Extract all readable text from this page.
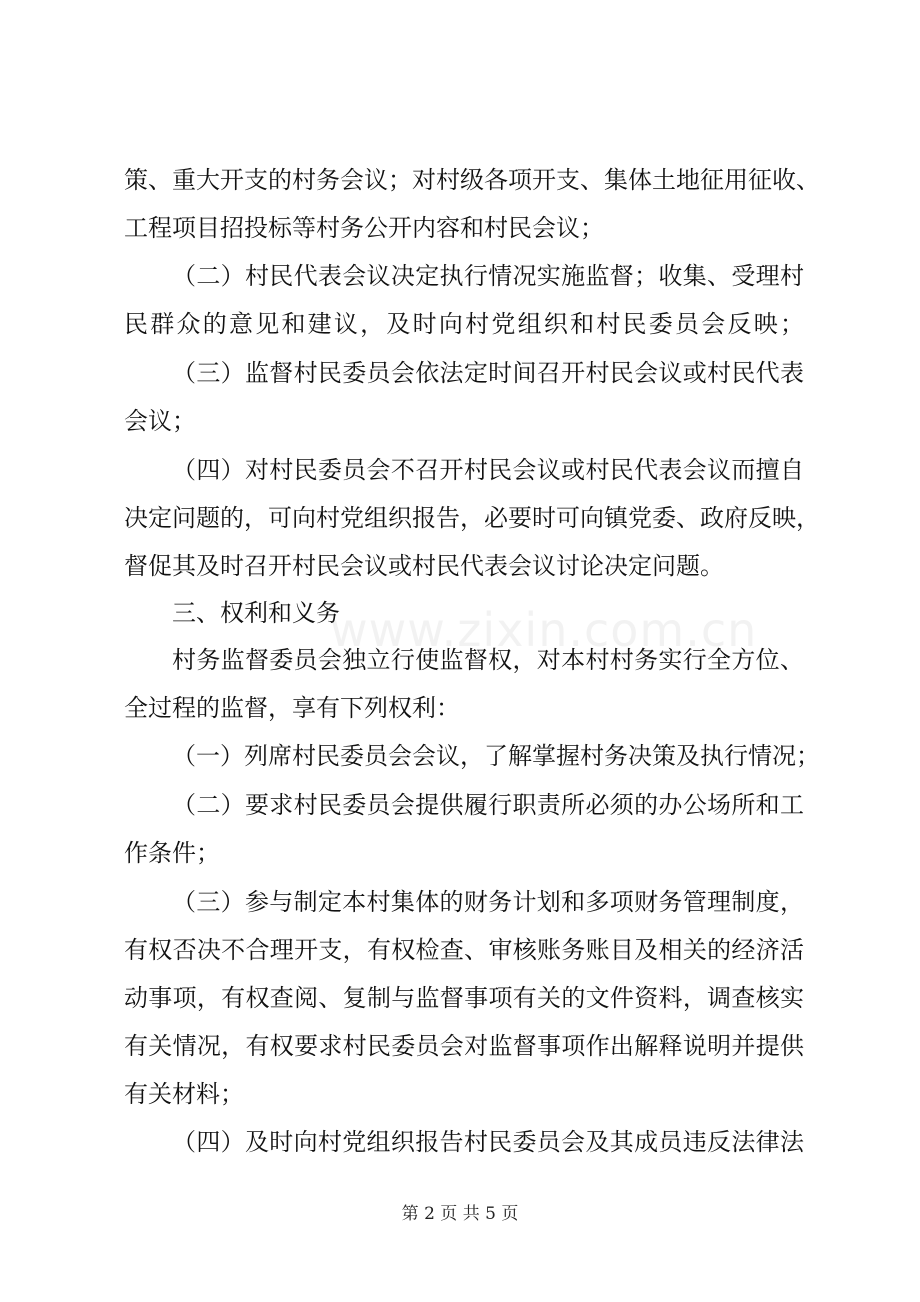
策、重大开支的村务会议；对村级各项开支、集体土地征用征收、
工程项目招投标等村务公开内容和村民会议；
（二）村民代表会议决定执行情况实施监督；收集、受理村
民群众的意见和建议，及时向村党组织和村民委员会反映；
（三）监督村民委员会依法定时间召开村民会议或村民代表
会议；
（四）对村民委员会不召开村民会议或村民代表会议而擅自
决定问题的，可向村党组织报告，必要时可向镇党委、政府反映，
督促其及时召开村民会议或村民代表会议讨论决定问题。
三、权利和义务
村务监督委员会独立行使监督权，对本村村务实行全方位、
全过程的监督，享有下列权利：
（一）列席村民委员会会议，了解掌握村务决策及执行情况；
（二）要求村民委员会提供履行职责所必须的办公场所和工
作条件；
（三）参与制定本村集体的财务计划和多项财务管理制度，
有权否决不合理开支，有权检查、审核账务账目及相关的经济活
动事项，有权查阅、复制与监督事项有关的文件资料，调查核实
有关情况，有权要求村民委员会对监督事项作出解释说明并提供
有关材料；
（四）及时向村党组织报告村民委员会及其成员违反法律法
www.zixin.com.cn
第 2 页 共 5 页
